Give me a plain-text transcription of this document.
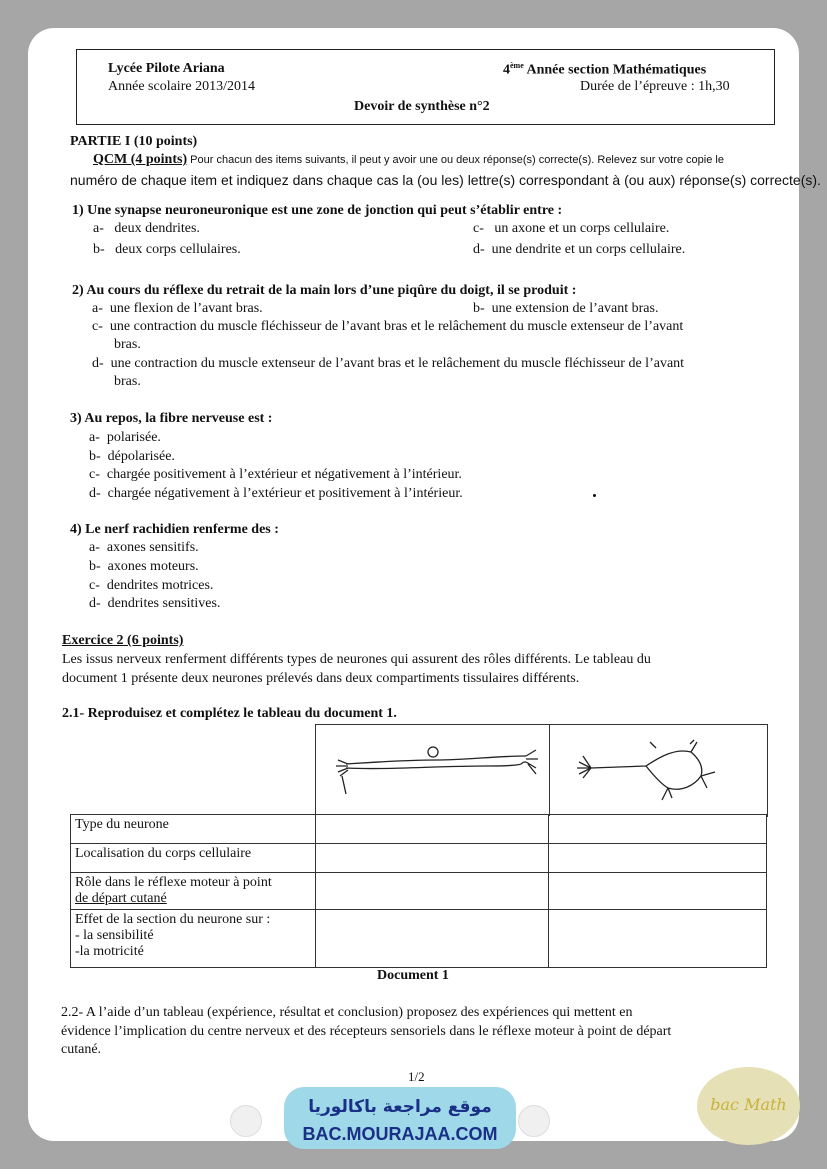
Lycée Pilote Ariana
Année scolaire 2013/2014
4ème Année section Mathématiques
Durée de l’épreuve : 1h,30
Devoir de synthèse n°2
PARTIE I (10 points)
QCM (4 points) Pour chacun des items suivants, il peut y avoir une ou deux réponse(s) correcte(s). Relevez sur votre copie le
numéro de chaque item et indiquez dans chaque cas la (ou les) lettre(s) correspondant à (ou aux) réponse(s) correcte(s).
1) Une synapse neuroneuronique est une zone de jonction qui peut s’établir entre :
a- deux dendrites.
b- deux corps cellulaires.
c- un axone et un corps cellulaire.
d- une dendrite et un corps cellulaire.
2) Au cours du réflexe du retrait de la main lors d’une piqûre du doigt, il se produit :
a- une flexion de l’avant bras.	b- une extension de l’avant bras.
c- une contraction du muscle fléchisseur de l’avant bras et le relâchement du muscle extenseur de l’avant
bras.
d- une contraction du muscle extenseur de l’avant bras et le relâchement du muscle fléchisseur de l’avant
bras.
3) Au repos, la fibre nerveuse est :
a- polarisée.
b- dépolarisée.
c- chargée positivement à l’extérieur et négativement à l’intérieur.
d- chargée négativement à l’extérieur et positivement à l’intérieur.
4) Le nerf rachidien renferme des :
a- axones sensitifs.
b- axones moteurs.
c- dendrites motrices.
d- dendrites sensitives.
Exercice 2 (6 points)
Les issus nerveux renferment différents types de neurones qui assurent des rôles différents. Le tableau du
document 1 présente deux neurones prélevés dans deux compartiments tissulaires différents.
2.1- Reproduisez et complétez le tableau du document 1.
Type du neurone		
Localisation du corps cellulaire		
Rôle dans le réflexe moteur à point
de départ cutané		
Effet de la section du neurone sur :
- la sensibilité
-la motricité		
Document 1
2.2- A l’aide d’un tableau (expérience, résultat et conclusion) proposez des expériences qui mettent en
évidence l’implication du centre nerveux et des récepteurs sensoriels dans le réflexe moteur à point de départ
cutané.
1/2
موقع مراجعة باكالوريا
BAC.MOURAJAA.COM
bac Math
